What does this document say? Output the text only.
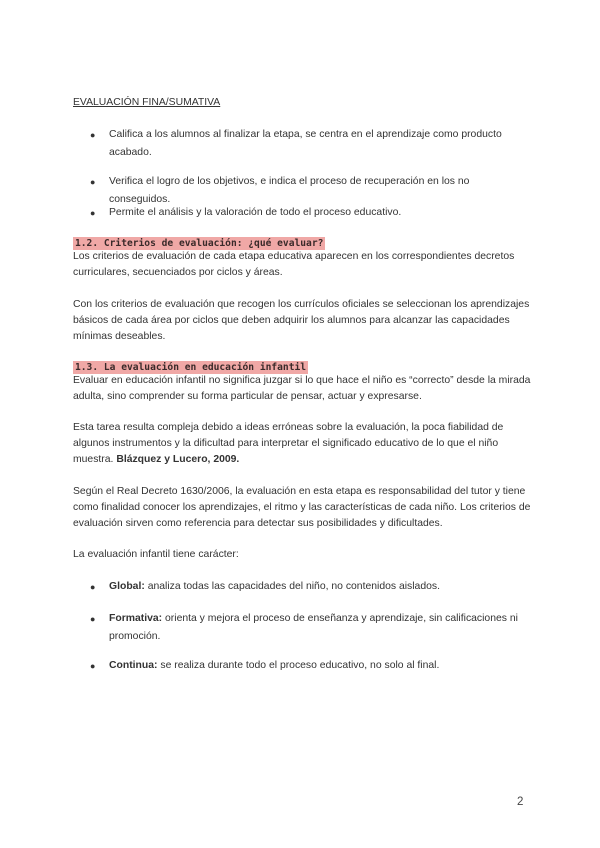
EVALUACIÓN FINA/SUMATIVA

● Califica a los alumnos al finalizar la etapa, se centra en el aprendizaje como producto acabado.
● Verifica el logro de los objetivos, e indica el proceso de recuperación en los no conseguidos.
● Permite el análisis y la valoración de todo el proceso educativo.
1.2. Criterios de evaluación: ¿qué evaluar?

Los criterios de evaluación de cada etapa educativa aparecen en los correspondientes decretos curriculares, secuenciados por ciclos y áreas.

Con los criterios de evaluación que recogen los currículos oficiales se seleccionan los aprendizajes básicos de cada área por ciclos que deben adquirir los alumnos para alcanzar las capacidades mínimas deseables.

1.3. La evaluación en educación infantil

Evaluar en educación infantil no significa juzgar si lo que hace el niño es “correcto” desde la mirada adulta, sino comprender su forma particular de pensar, actuar y expresarse.

Esta tarea resulta compleja debido a ideas erróneas sobre la evaluación, la poca fiabilidad de algunos instrumentos y la dificultad para interpretar el significado educativo de lo que el niño muestra. Blázquez y Lucero, 2009.

Según el Real Decreto 1630/2006, la evaluación en esta etapa es responsabilidad del tutor y tiene como finalidad conocer los aprendizajes, el ritmo y las características de cada niño. Los criterios de evaluación sirven como referencia para detectar sus posibilidades y dificultades.

La evaluación infantil tiene carácter:

● Global: analiza todas las capacidades del niño, no contenidos aislados.
● Formativa: orienta y mejora el proceso de enseñanza y aprendizaje, sin calificaciones ni promoción.
● Continua: se realiza durante todo el proceso educativo, no solo al final.
2
